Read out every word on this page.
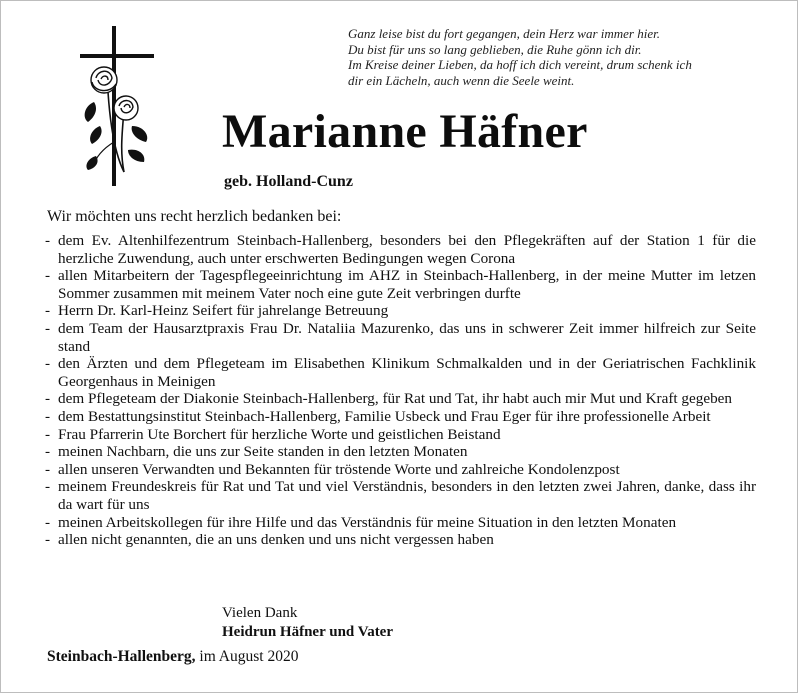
Ganz leise bist du fort gegangen, dein Herz war immer hier.
Du bist für uns so lang geblieben, die Ruhe gönn ich dir.
Im Kreise deiner Lieben, da hoff ich dich vereint, drum schenk ich
dir ein Lächeln, auch wenn die Seele weint.
Marianne Häfner
geb. Holland-Cunz
Wir möchten uns recht herzlich bedanken bei:
- dem Ev. Altenhilfezentrum Steinbach-Hallenberg, besonders bei den Pflegekräften auf der Station 1 für die herzliche Zuwendung, auch unter erschwerten Bedingungen wegen Corona
- allen Mitarbeitern der Tagespflegeeinrichtung im AHZ in Steinbach-Hallenberg, in der meine Mutter im letzen Sommer zusammen mit meinem Vater noch eine gute Zeit verbringen durfte
- Herrn Dr. Karl-Heinz Seifert für jahrelange Betreuung
- dem Team der Hausarztpraxis Frau Dr. Nataliia Mazurenko, das uns in schwerer Zeit immer hilfreich zur Seite stand
- den Ärzten und dem Pflegeteam im Elisabethen Klinikum Schmalkalden und in der Geriatrischen Fachklinik Georgenhaus in Meinigen
- dem Pflegeteam der Diakonie Steinbach-Hallenberg, für Rat und Tat, ihr habt auch mir Mut und Kraft gegeben
- dem Bestattungsinstitut Steinbach-Hallenberg, Familie Usbeck und Frau Eger für ihre professionelle Arbeit
- Frau Pfarrerin Ute Borchert für herzliche Worte und geistlichen Beistand
- meinen Nachbarn, die uns zur Seite standen in den letzten Monaten
- allen unseren Verwandten und Bekannten für tröstende Worte und zahlreiche Kondolenzpost
- meinem Freundeskreis für Rat und Tat und viel Verständnis, besonders in den letzten zwei Jahren, danke, dass ihr da wart für uns
- meinen Arbeitskollegen für ihre Hilfe und das Verständnis für meine Situation in den letzten Monaten
- allen nicht genannten, die an uns denken und uns nicht vergessen haben
Vielen Dank
Heidrun Häfner und Vater
Steinbach-Hallenberg, im August 2020
